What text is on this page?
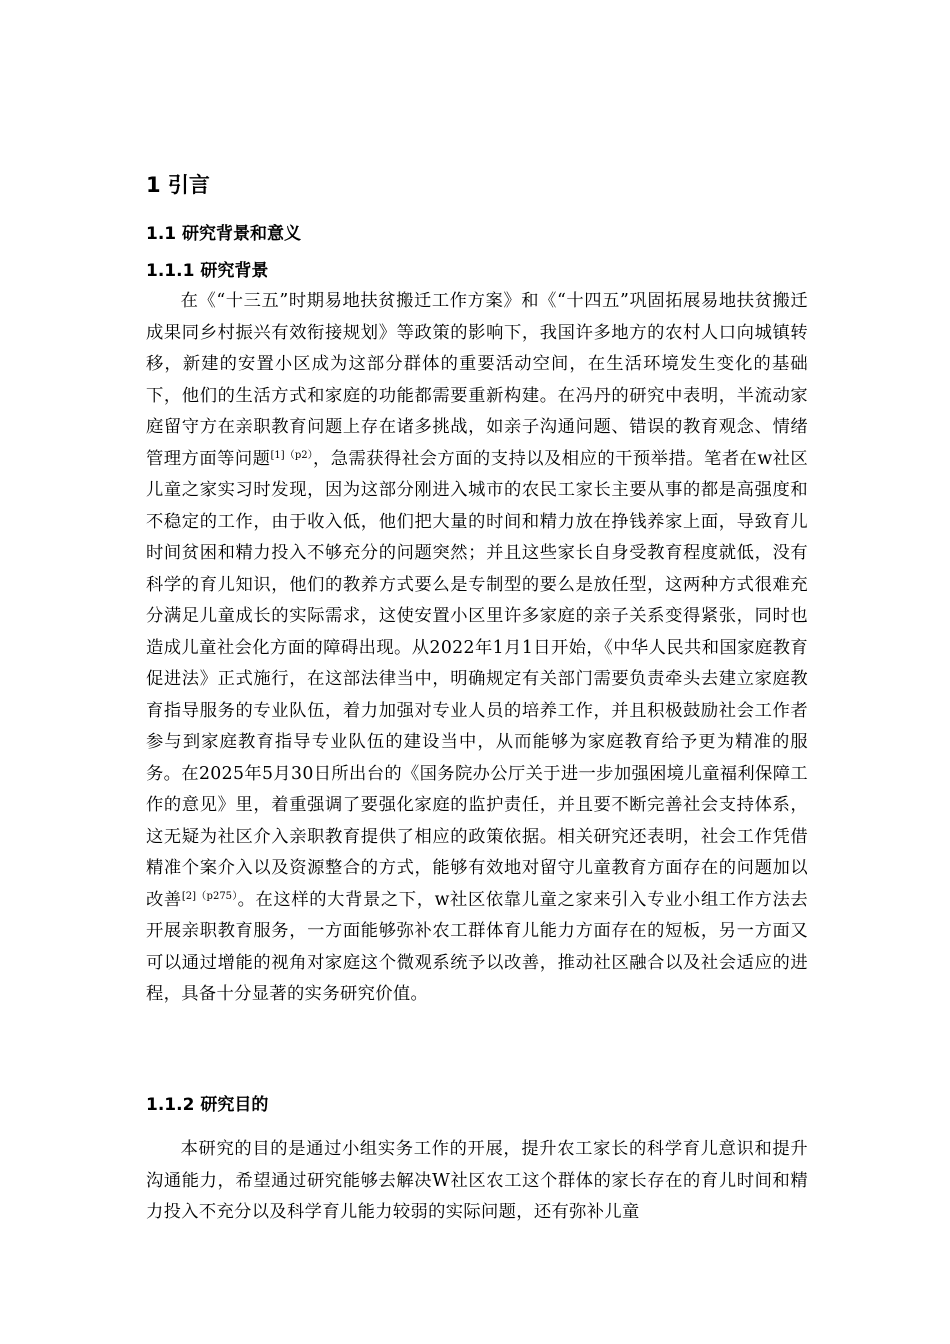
1 引言
1.1 研究背景和意义
1.1.1 研究背景

在《“十三五”时期易地扶贫搬迁工作方案》和《“十四五”巩固拓展易地扶贫搬迁成果同乡村振兴有效衔接规划》等政策的影响下，我国许多地方的农村人口向城镇转移，新建的安置小区成为这部分群体的重要活动空间，在生活环境发生变化的基础下，他们的生活方式和家庭的功能都需要重新构建。在冯丹的研究中表明，半流动家庭留守方在亲职教育问题上存在诸多挑战，如亲子沟通问题、错误的教育观念、情绪管理方面等问题$^{[1](p2)}$，急需获得社会方面的支持以及相应的干预举措。笔者在w社区儿童之家实习时发现，因为这部分刚进入城市的农民工家长主要从事的都是高强度和不稳定的工作，由于收入低，他们把大量的时间和精力放在挣钱养家上面，导致育儿时间贫困和精力投入不够充分的问题突然；并且这些家长自身受教育程度就低，没有科学的育儿知识，他们的教养方式要么是专制型的要么是放任型，这两种方式很难充分满足儿童成长的实际需求，这使安置小区里许多家庭的亲子关系变得紧张，同时也造成儿童社会化方面的障碍出现。从2022年1月1日开始，《中华人民共和国家庭教育促进法》正式施行，在这部法律当中，明确规定有关部门需要负责牵头去建立家庭教育指导服务的专业队伍，着力加强对专业人员的培养工作，并且积极鼓励社会工作者参与到家庭教育指导专业队伍的建设当中，从而能够为家庭教育给予更为精准的服务。在2025年5月30日所出台的《国务院办公厅关于进一步加强困境儿童福利保障工作的意见》里，着重强调了要强化家庭的监护责任，并且要不断完善社会支持体系，这无疑为社区介入亲职教育提供了相应的政策依据。相关研究还表明，社会工作凭借精准个案介入以及资源整合的方式，能够有效地对留守儿童教育方面存在的问题加以改善$^{[2](p275)}$。在这样的大背景之下，w社区依靠儿童之家来引入专业小组工作方法去开展亲职教育服务，一方面能够弥补农工群体育儿能力方面存在的短板，另一方面又可以通过增能的视角对家庭这个微观系统予以改善，推动社区融合以及社会适应的进程，具备十分显著的实务研究价值。

1.1.2 研究目的

本研究的目的是通过小组实务工作的开展，提升农工家长的科学育儿意识和提升沟通能力，希望通过研究能够去解决W社区农工这个群体的家长存在的育儿时间和精力投入不充分以及科学育儿能力较弱的实际问题，还有弥补儿童
